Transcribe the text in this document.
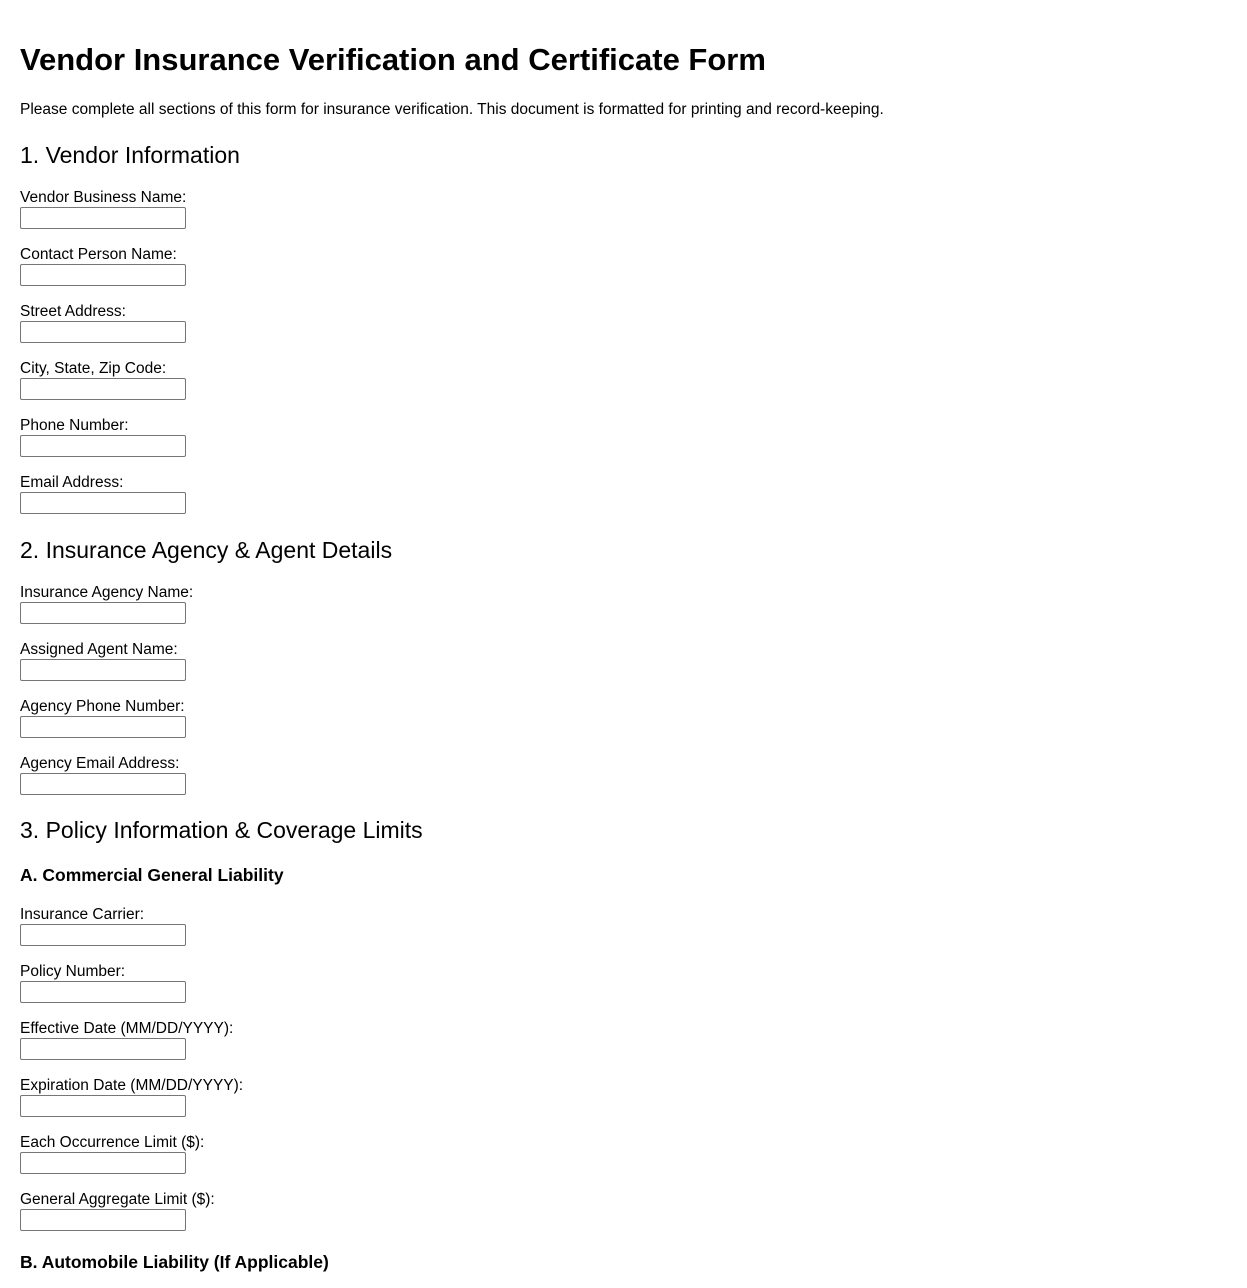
Vendor Insurance Verification and Certificate Form

Please complete all sections of this form for insurance verification. This document is formatted for printing and record-keeping.

1. Vendor Information
Vendor Business Name:
Contact Person Name:
Street Address:
City, State, Zip Code:
Phone Number:
Email Address:
2. Insurance Agency & Agent Details
Insurance Agency Name:
Assigned Agent Name:
Agency Phone Number:
Agency Email Address:
3. Policy Information & Coverage Limits
A. Commercial General Liability
Insurance Carrier:
Policy Number:
Effective Date (MM/DD/YYYY):
Expiration Date (MM/DD/YYYY):
Each Occurrence Limit ($):
General Aggregate Limit ($):
B. Automobile Liability (If Applicable)
